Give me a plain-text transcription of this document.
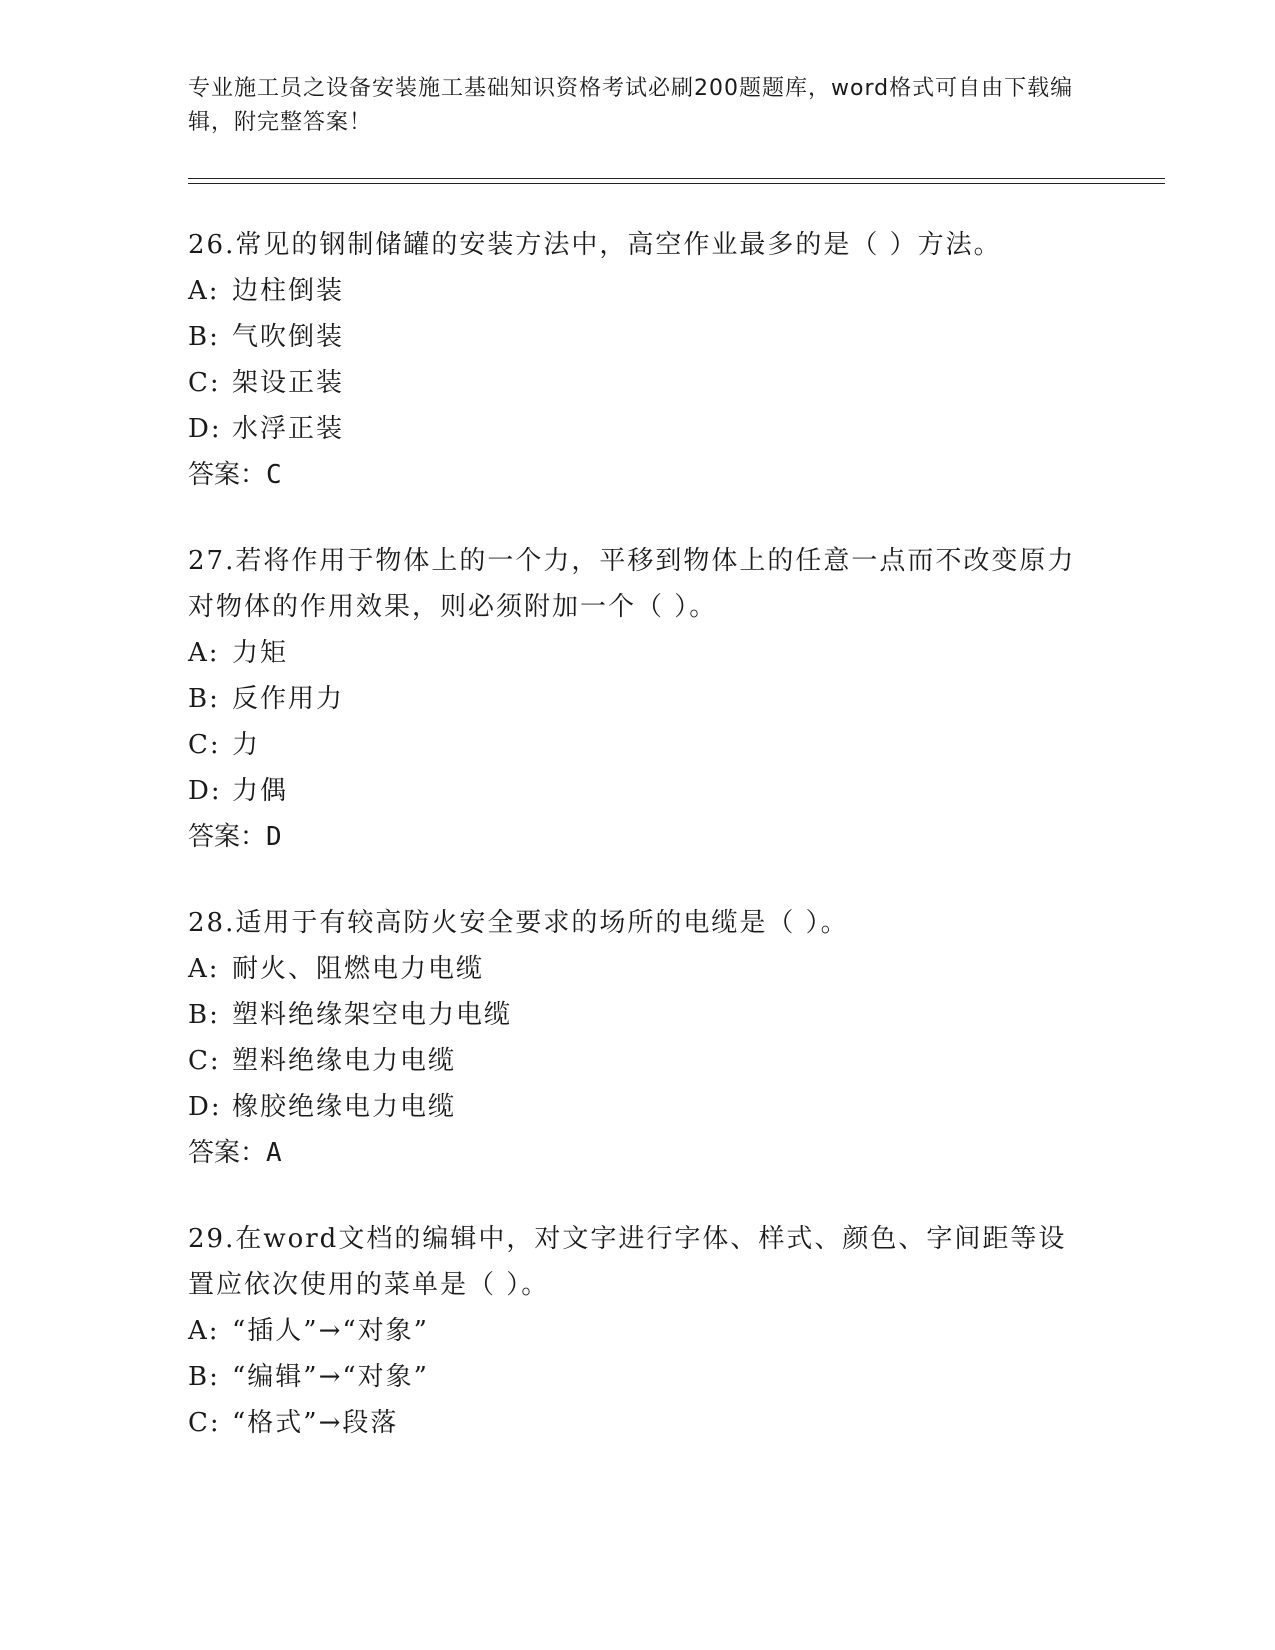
专业施工员之设备安装施工基础知识资格考试必刷200题题库，word格式可自由下载编辑，附完整答案！
26.常见的钢制储罐的安装方法中，高空作业最多的是（ ）方法。
A: 边柱倒装
B: 气吹倒装
C: 架设正装
D: 水浮正装
答案：C
27.若将作用于物体上的一个力，平移到物体上的任意一点而不改变原力对物体的作用效果，则必须附加一个（ ）。
A: 力矩
B: 反作用力
C: 力
D: 力偶
答案：D
28.适用于有较高防火安全要求的场所的电缆是（ ）。
A: 耐火、阻燃电力电缆
B: 塑料绝缘架空电力电缆
C: 塑料绝缘电力电缆
D: 橡胶绝缘电力电缆
答案：A
29.在word文档的编辑中，对文字进行字体、样式、颜色、字间距等设置应依次使用的菜单是（ ）。
A: “插人”→“对象”
B: “编辑”→“对象”
C: “格式”→段落
